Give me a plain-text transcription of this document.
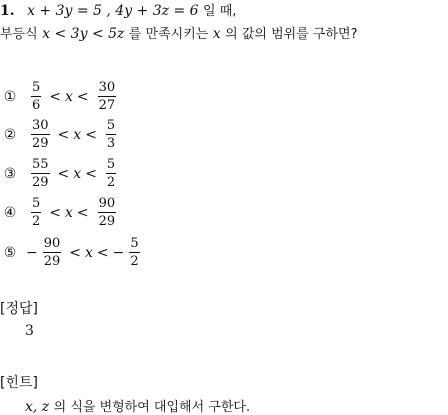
1. x + 3y = 5 , 4y + 3z = 6 일 때,
부등식 x < 3y < 5z 를 만족시키는 x 의 값의 범위를 구하면?
① $\frac{5}{6} < x < \frac{30}{27}$
② $\frac{30}{29} < x < \frac{5}{3}$
③ $\frac{55}{29} < x < \frac{5}{2}$
④ $\frac{5}{2} < x < \frac{90}{29}$
⑤ − $\frac{90}{29} < x$ < − $\frac{5}{2}$
[정답]
3
[힌트]
x, z 의 식을 변형하여 대입해서 구한다.
